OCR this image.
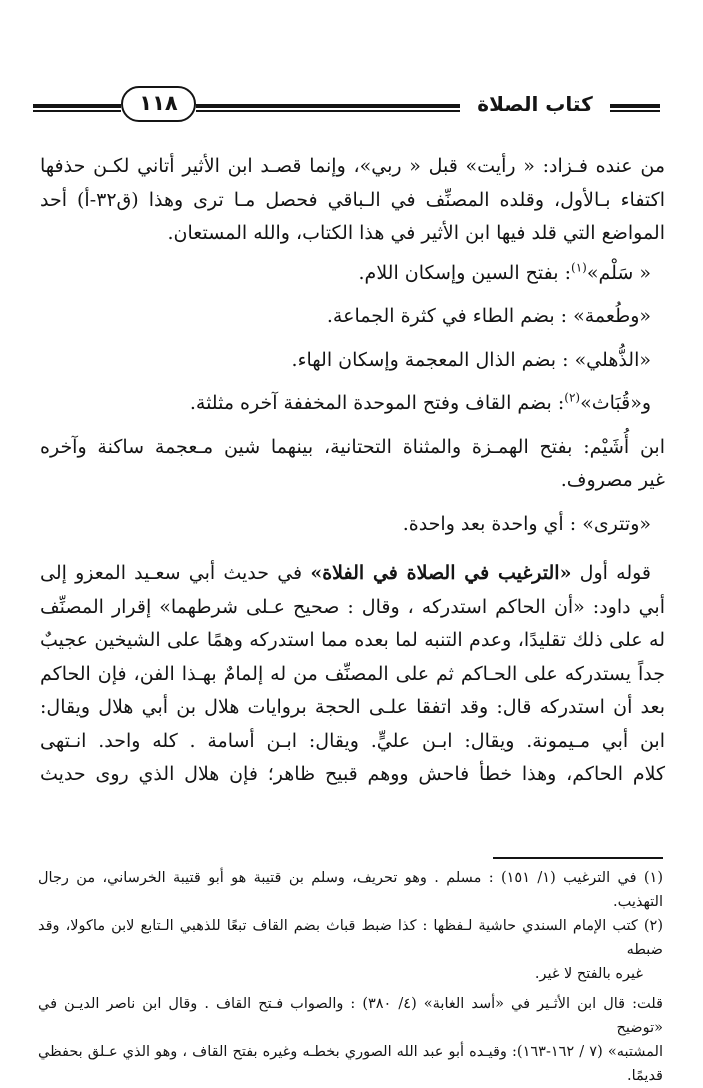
١١٨	كتاب الصلاة

من عنده فـزاد: « رأيت» قبل « ربي»، وإنما قصـد ابن الأثير أتاني لكـن حذفها

اكتفاء بـالأول، وقلده المصنِّف في الـباقي فحصل مـا ترى وهذا (ق٣٢-أ) أحد

المواضع التي قلد فيها ابن الأثير في هذا الكتاب، والله المستعان.

« سَلْم»$^{(١)}$: بفتح السين وإسكان اللام.

«وطُعمة» : بضم الطاء في كثرة الجماعة.

«الذُّهلي» : بضم الذال المعجمة وإسكان الهاء.

و«قُبَاث»$^{(٢)}$: بضم القاف وفتح الموحدة المخففة آخره مثلثة.

ابن أُشَيْم: بفتح الهمـزة والمثناة التحتانية، بينهما شين مـعجمة ساكنة وآخره

غير مصروف.

«وتترى» : أي واحدة بعد واحدة.

قوله أول «الترغيب في الصلاة في الفلاة» في حديث أبي سعـيد المعزو إلى

أبي داود: «أن الحاكم استدركه ، وقال : صحيح عـلى شرطهما» إقرار المصنِّف

له على ذلك تقليدًا، وعدم التنبه لما بعده مما استدركه وهمًا على الشيخين عجيبٌ

جداً يستدركه على الحـاكم ثم على المصنِّف من له إلمامٌ بهـذا الفن، فإن الحاكم

بعد أن استدركه قال: وقد اتفقا علـى الحجة بروايات هلال بن أبي هلال ويقال:

ابن أبي مـيمونة. ويقال: ابـن عليٍّ. ويقال: ابـن أسامة . كله واحد. انـتهى

كلام الحاكم، وهذا خطأ فاحش ووهم قبيح ظاهر؛ فإن هلال الذي روى حديث

(١) في الترغيب (١/ ١٥١) : مسلم . وهو تحريف، وسلم بن قتيبة هو أبو قتيبة الخرساني، من رجال التهذيب.

(٢) كتب الإمام السندي حاشية لـفظها : كذا ضبط قباث بضم القاف تبعًا للذهبي الـتابع لابن ماكولا، وقد ضبطه

غيره بالفتح لا غير.

قلت: قال ابن الأثـير في «أسد الغابة» (٤/ ٣٨٠) : والصواب فـتح القاف . وقال ابن ناصر الديـن في «توضيح

المشتبه» (٧ / ١٦٢-١٦٣): وقيـده أبو عبد الله الصوري بخطـه وغيره بفتح القاف ، وهو الذي عـلق بحفظي

قديمًا.
